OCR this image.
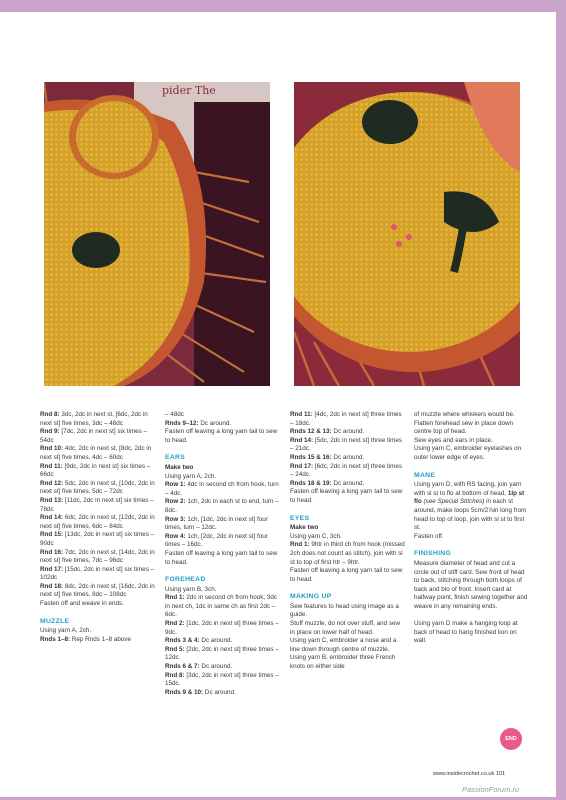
pider The

Rnd 8: 3dc, 2dc in next st, [6dc, 2dc in next st] five times, 3dc – 48dc

Rnd 9: [7dc, 2dc in next st] six times – 54dc

Rnd 10: 4dc, 2dc in next st, [8dc, 2dc in next st] five times, 4dc – 60dc

Rnd 11: [9dc, 2dc in next st] six times – 66dc

Rnd 12: 5dc, 2dc in next st, [10dc, 2dc in next st] five times, 5dc – 72dc

Rnd 13: [11dc, 2dc in next st] six times – 78dc

Rnd 14: 6dc, 2dc in next st, [12dc, 2dc in next st] five times, 6dc – 84dc

Rnd 15: [13dc, 2dc in next st] six times – 90dc

Rnd 16: 7dc, 2dc in next st, [14dc, 2dc in next st] five times, 7dc – 96dc

Rnd 17: [15dc, 2dc in next st] six times – 102dc

Rnd 18: 8dc, 2dc in next st, [16dc, 2dc in next st] five times, 8dc – 108dc

Fasten off and weave in ends.

MUZZLE

Using yarn A, 2ch.

Rnds 1–8: Rep Rnds 1–8 above

– 48dc

Rnds 9–12: Dc around.

Fasten off leaving a long yarn tail to sew to head.

EARS
Make two

Using yarn A, 2ch.

Row 1: 4dc in second ch from hook, turn – 4dc.

Row 2: 1ch, 2dc in each st to end, turn – 8dc.

Row 3: 1ch, [1dc, 2dc in next st] four times, turn – 12dc.

Row 4: 1ch, [2dc, 2dc in next st] four times – 16dc.

Fasten off leaving a long yarn tail to sew to head.

FOREHEAD

Using yarn B, 3ch.

Rnd 1: 2dc in second ch from hook, 3dc in next ch, 1dc in same ch as first 2dc – 6dc.

Rnd 2: [1dc, 2dc in next st] three times – 9dc.

Rnds 3 & 4: Dc around.

Rnd 5: [2dc, 2dc in next st] three times – 12dc.

Rnds 6 & 7: Dc around.

Rnd 8: [3dc, 2dc in next st] three times – 15dc.

Rnds 9 & 10: Dc around.

Rnd 11: [4dc, 2dc in next st] three times – 18dc.

Rnds 12 & 13: Dc around.

Rnd 14: [5dc, 2dc in next st] three times – 21dc.

Rnds 15 & 16: Dc around.

Rnd 17: [6dc, 2dc in next st] three times – 24dc.

Rnds 18 & 19: Dc around.

Fasten off leaving a long yarn tail to sew to head.

EYES
Make two

Using yarn C, 3ch.

Rnd 1: 9htr in third ch from hook (missed 2ch does not count as stitch), join with sl st to top of first htr – 9htr.

Fasten off leaving a long yarn tail to sew to head.

MAKING UP

Sew features to head using image as a guide.

Stuff muzzle, do not over stuff, and sew in place on lower half of head.

Using yarn C, embroider a nose and a line down through centre of muzzle.

Using yarn B, embroider three French knots on either side

of muzzle where whiskers would be.

Flatten forehead sew in place down centre top of head.

Sew eyes and ears in place.

Using yarn C, embroider eyelashes on outer lower edge of eyes.

MANE

Using yarn D, with RS facing, join yarn with sl st to flo at bottom of head, 1lp st flo (see Special Stitches) in each st around, make loops 5cm/2⅞in long from head to top of loop, join with sl st to first st.

Fasten off.

FINISHING

Measure diameter of head and cut a circle out of stiff card. Sew front of head to back, stitching through both loops of back and blo of front. Insert card at halfway point, finish sewing together and weave in any remaining ends.

Using yarn D make a hanging loop at back of head to hang finished lion on wall.

END
www.insidecrochet.co.uk 101
PassionForum.ru
